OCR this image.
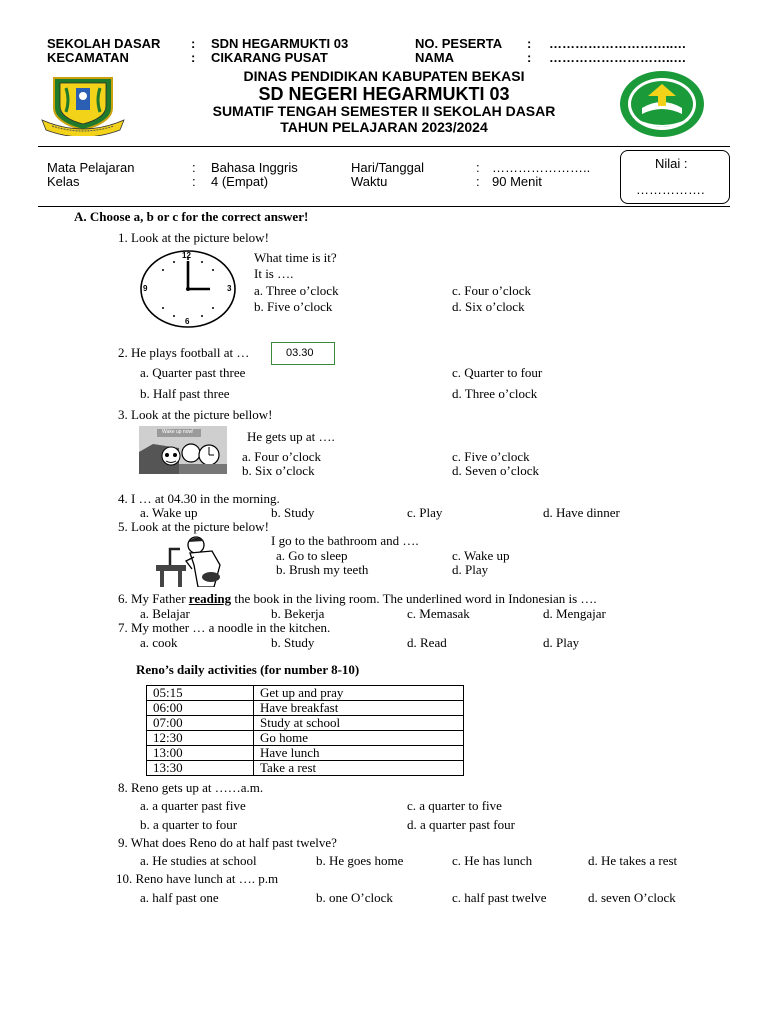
SEKOLAH DASAR : SDN HEGARMUKTI 03	NO. PESERTA : ………………………..…
KECAMATAN	: CIKARANG PUSAT	NAMA	: ………………………..…
DINAS PENDIDIKAN KABUPATEN BEKASI
SD NEGERI HEGARMUKTI 03
SUMATIF TENGAH SEMESTER II SEKOLAH DASAR
TAHUN PELAJARAN 2023/2024
Mata Pelajaran	: Bahasa Inggris
Kelas	: 4 (Empat)
Hari/Tanggal	: …………………..
Waktu	: 90 Menit
Nilai :
…………….
A. Choose a, b or c for the correct answer!
1. Look at the picture below!
12
3
6
9
What time is it?
It is ….
a. Three o’clock
b. Five o’clock
c. Four o’clock
d. Six o’clock
2. He plays football at …	03.30
a. Quarter past three
b. Half past three
c. Quarter to four
d. Three o’clock
3. Look at the picture bellow!
Wake up now!	He gets up at ….
a. Four o’clock
b. Six o’clock
c. Five o’clock
d. Seven o’clock
4. I … at 04.30 in the morning.
a. Wake up	b. Study	c. Play	d. Have dinner
5. Look at the picture below!
I go to the bathroom and ….
a. Go to sleep
b. Brush my teeth
c. Wake up
d. Play
6. My Father reading the book in the living room. The underlined word in Indonesian is ….
a. Belajar	b. Bekerja	c. Memasak	d. Mengajar
7. My mother … a noodle in the kitchen.
a. cook	b. Study	d. Read	d. Play
Reno’s daily activities (for number 8-10)
05:15	Get up and pray
06:00	Have breakfast
07:00	Study at school
12:30	Go home
13:00	Have lunch
13:30	Take a rest
8. Reno gets up at ……a.m.
a. a quarter past five
b. a quarter to four
c. a quarter to five
d. a quarter past four
9. What does Reno do at half past twelve?
a. He studies at school	b. He goes home	c. He has lunch	d. He takes a rest
10. Reno have lunch at …. p.m
a. half past one	b. one O’clock	c. half past twelve	d. seven O’clock
